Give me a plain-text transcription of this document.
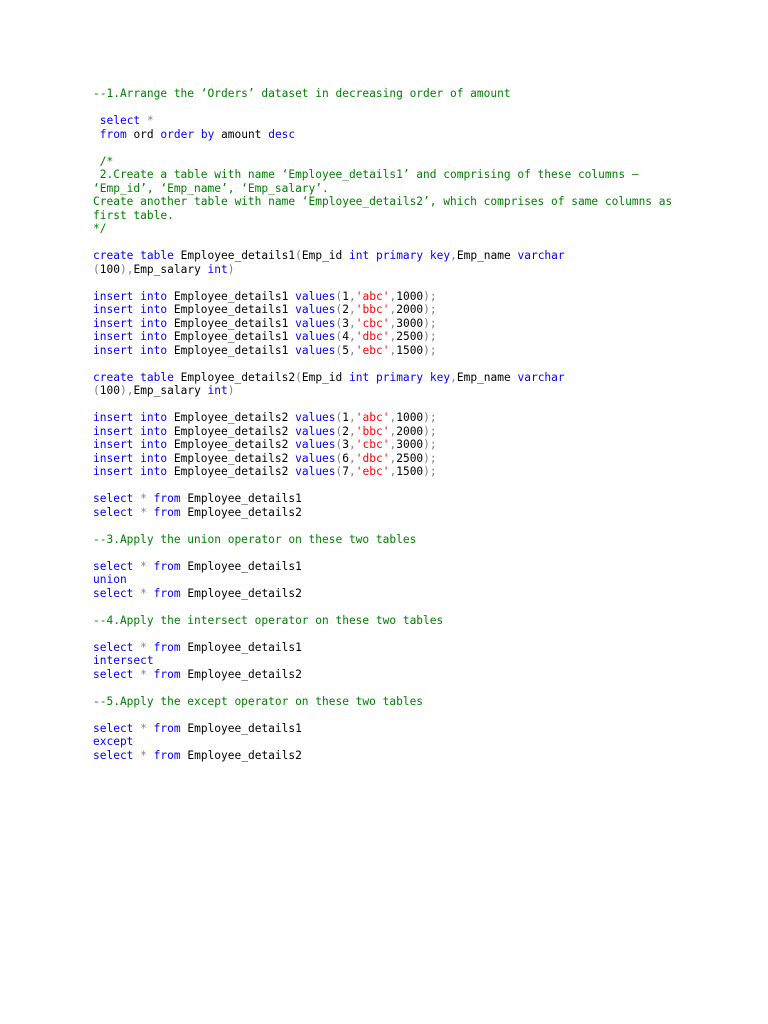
--1.Arrange the ‘Orders’ dataset in decreasing order of amount
select *
from ord order by amount desc
/*
2.Create a table with name ‘Employee_details1’ and comprising of these columns –
‘Emp_id’, ‘Emp_name’, ‘Emp_salary’.
Create another table with name ‘Employee_details2’, which comprises of same columns as
first table.
*/
create table Employee_details1(Emp_id int primary key,Emp_name varchar
(100),Emp_salary int)
insert into Employee_details1 values(1,'abc',1000);
insert into Employee_details1 values(2,'bbc',2000);
insert into Employee_details1 values(3,'cbc',3000);
insert into Employee_details1 values(4,'dbc',2500);
insert into Employee_details1 values(5,'ebc',1500);
create table Employee_details2(Emp_id int primary key,Emp_name varchar
(100),Emp_salary int)
insert into Employee_details2 values(1,'abc',1000);
insert into Employee_details2 values(2,'bbc',2000);
insert into Employee_details2 values(3,'cbc',3000);
insert into Employee_details2 values(6,'dbc',2500);
insert into Employee_details2 values(7,'ebc',1500);
select * from Employee_details1
select * from Employee_details2
--3.Apply the union operator on these two tables
select * from Employee_details1
union
select * from Employee_details2
--4.Apply the intersect operator on these two tables
select * from Employee_details1
intersect
select * from Employee_details2
--5.Apply the except operator on these two tables
select * from Employee_details1
except
select * from Employee_details2
